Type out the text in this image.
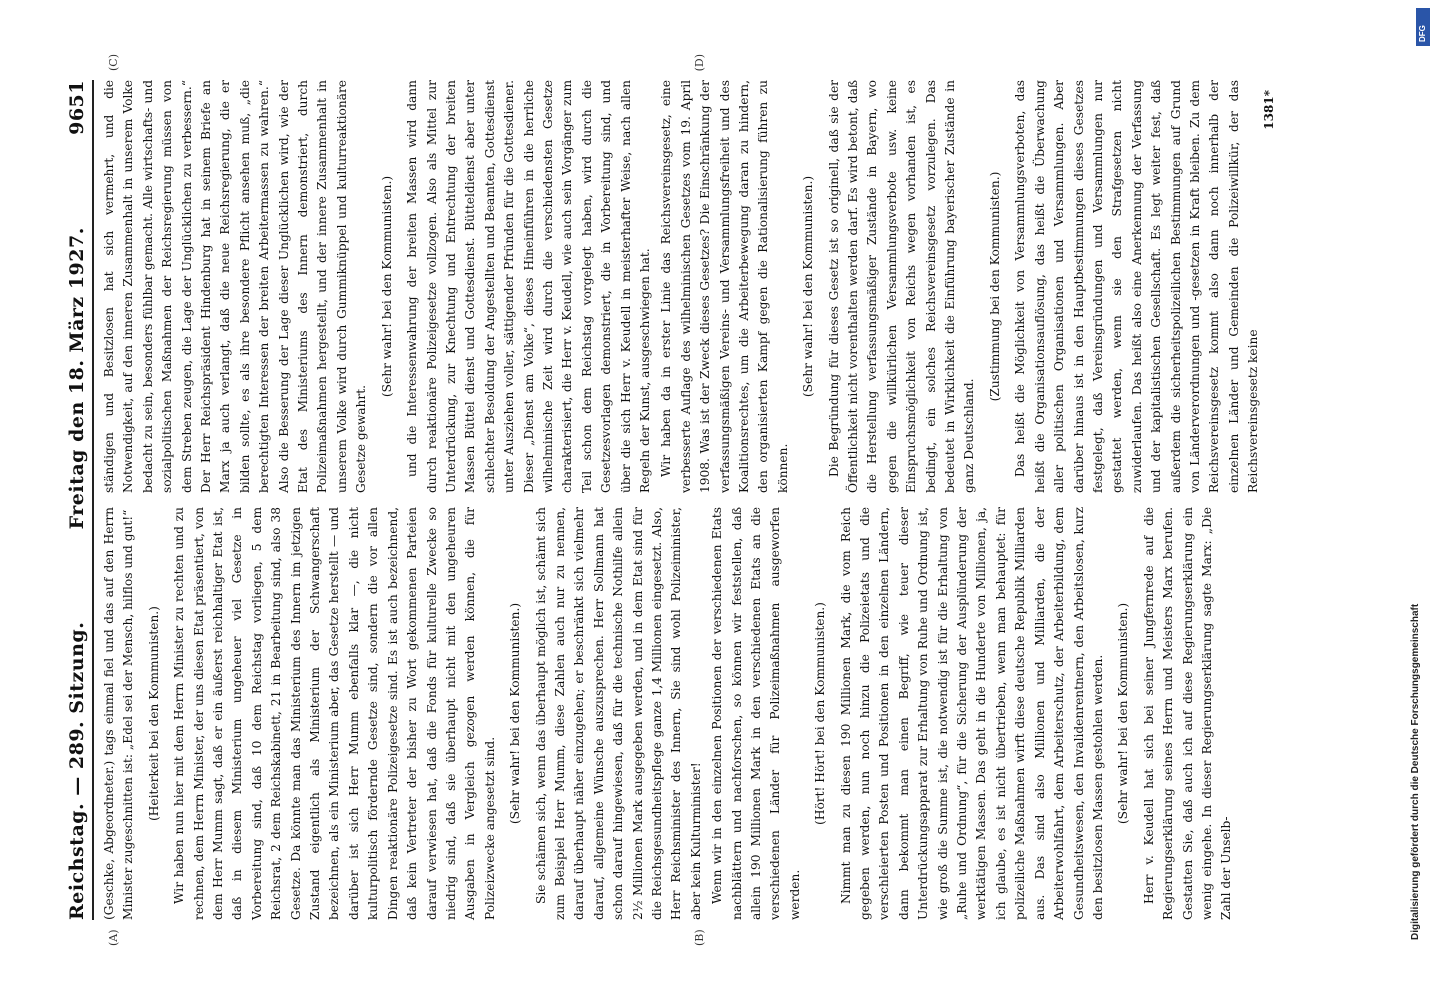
Reichstag. — 289. Sitzung.
Freitag den 18. März 1927.
9651
(A)	(B)

(Geschke, Abgeordneter.) tags einmal fiel und das auf den Herrn Minister zugeschnitten ist: „Edel sei der Mensch, hilflos und gut!“ (Heiterkeit bei den Kommunisten.) Wir haben nun hier mit dem Herrn Minister zu rechten und zu rechnen, dem Herrn Minister, der uns diesen Etat präsentiert, von dem Herr Mumm sagt, daß er ein äußerst reichhaltiger Etat ist, daß in diesem Ministerium ungeheuer viel Gesetze in Vorbereitung sind, daß 10 dem Reichstag vorliegen, 5 dem Reichsrat, 2 dem Reichskabinett, 21 in Bearbeitung sind, also 38 Gesetze. Da könnte man das Ministerium des Innern im jetzigen Zustand eigentlich als Ministerium der Schwangerschaft bezeichnen, als ein Ministerium aber, das Gesetze herstellt — und darüber ist sich Herr Mumm ebenfalls klar —, die nicht kulturpolitisch fördernde Gesetze sind, sondern die vor allen Dingen reaktionäre Polizeigesetze sind. Es ist auch bezeichnend, daß kein Vertreter der bisher zu Wort gekommenen Parteien darauf verwiesen hat, daß die Fonds für kulturelle Zwecke so niedrig sind, daß sie überhaupt nicht mit den ungeheuren Ausgaben in Vergleich gezogen werden können, die für Polizeizwecke angesetzt sind.

(Sehr wahr! bei den Kommunisten.) Sie schämen sich, wenn das überhaupt möglich ist, schämt sich zum Beispiel Herr Mumm, diese Zahlen auch nur zu nennen, darauf überhaupt näher einzugehen; er beschränkt sich vielmehr darauf, allgemeine Wünsche auszusprechen. Herr Sollmann hat schon darauf hingewiesen, daß für die technische Nothilfe allein 2½ Millionen Mark ausgegeben werden, und in dem Etat sind für die Reichsgesundheitspflege ganze 1,4 Millionen eingesetzt. Also, Herr Reichsminister des Innern, Sie sind wohl Polizeiminister, aber kein Kulturminister! Wenn wir in den einzelnen Positionen der verschiedenen Etats nachblättern und nachforschen, so können wir feststellen, daß allein 190 Millionen Mark in den verschiedenen Etats an die verschiedenen Länder für Polizeimaßnahmen ausgeworfen werden.

(Hört! Hört! bei den Kommunisten.) Nimmt man zu diesen 190 Millionen Mark, die vom Reich gegeben werden, nun noch hinzu die Polizeietats und die verschleierten Posten und Positionen in den einzelnen Ländern, dann bekommt man einen Begriff, wie teuer dieser Unterdrückungsapparat zur Erhaltung von Ruhe und Ordnung ist, wie groß die Summe ist, die notwendig ist für die Erhaltung von „Ruhe und Ordnung“, für die Sicherung der Ausplünderung der werktätigen Massen. Das geht in die Hunderte von Millionen, ja, ich glaube, es ist nicht übertrieben, wenn man behauptet: für polizeiliche Maßnahmen wirft diese deutsche Republik Milliarden aus. Das sind also Millionen und Milliarden, die der Arbeiterwohlfahrt, dem Arbeiterschutz, der Arbeiterbildung, dem Gesundheitswesen, den Invalidenrentnern, den Arbeitslosen, kurz den besitzlosen Massen gestohlen werden. (Sehr wahr! bei den Kommunisten.) Herr v. Keudell hat sich bei seiner Jungfernrede auf die Regierungserklärung seines Herrn und Meisters Marx berufen. Gestatten Sie, daß auch ich auf diese Regierungserklärung ein wenig eingehe. In dieser Regierungserklärung sagte Marx: „Die Zahl der Unselb-

(C)	(D)

ständigen und Besitzlosen hat sich vermehrt, und die Notwendigkeit, auf den inneren Zusammenhalt in unserem Volke bedacht zu sein, besonders fühlbar gemacht. Alle wirtschafts- und sozialpolitischen Maßnahmen der Reichsregierung müssen von dem Streben zeugen, die Lage der Unglücklichen zu verbessern.“ Der Herr Reichspräsident Hindenburg hat in seinem Briefe an Marx ja auch verlangt, daß die neue Reichsregierung, die er bilden sollte, es als ihre besondere Pflicht ansehen muß, „die berechtigten Interessen der breiten Arbeitermassen zu wahren.“ Also die Besserung der Lage dieser Unglücklichen wird, wie der Etat des Ministeriums des Innern demonstriert, durch Polizeimaßnahmen hergestellt, und der innere Zusammenhalt in unserem Volke wird durch Gummiknüppel und kulturreaktionäre Gesetze gewahrt.

(Sehr wahr! bei den Kommunisten.) und die Interessenwahrung der breiten Massen wird dann durch reaktionäre Polizeigesetze vollzogen. Also als Mittel zur Unterdrückung, zur Knechtung und Entrechtung der breiten Massen Büttel dienst und Gottesdienst. Bütteldienst aber unter schlechter Besoldung der Angestellten und Beamten, Gottesdienst unter Ausziehen voller, sättigender Pfründen für die Gottesdiener. Dieser „Dienst am Volke“, dieses Hineinführen in die herrliche wilhelminische Zeit wird durch die verschiedensten Gesetze charakterisiert, die Herr v. Keudell, wie auch sein Vorgänger zum Teil schon dem Reichstag vorgelegt haben, wird durch die Gesetzesvorlagen demonstriert, die in Vorbereitung sind, und über die sich Herr v. Keudell in meisterhafter Weise, nach allen Regeln der Kunst, ausgeschwiegen hat. Wir haben da in erster Linie das Reichsvereinsgesetz, eine verbesserte Auflage des wilhelminischen Gesetzes vom 19. April 1908. Was ist der Zweck dieses Gesetzes? Die Einschränkung der verfassungsmäßigen Vereins- und Versammlungsfreiheit und des Koalitionsrechtes, um die Arbeiterbewegung daran zu hindern, den organisierten Kampf gegen die Rationalisierung führen zu können.

(Sehr wahr! bei den Kommunisten.) Die Begründung für dieses Gesetz ist so originell, daß sie der Öffentlichkeit nicht vorenthalten werden darf. Es wird betont, daß die Herstellung verfassungsmäßiger Zustände in Bayern, wo gegen die willkürlichen Versammlungsverbote usw. keine Einspruchsmöglichkeit von Reichs wegen vorhanden ist, es bedingt, ein solches Reichsvereinsgesetz vorzulegen. Das bedeutet in Wirklichkeit die Einführung bayerischer Zustände in ganz Deutschland.

(Zustimmung bei den Kommunisten.) Das heißt die Möglichkeit von Versammlungsverboten, das heißt die Organisationsauflösung, das heißt die Überwachung aller politischen Organisationen und Versammlungen. Aber darüber hinaus ist in den Hauptbestimmungen dieses Gesetzes festgelegt, daß Vereinsgründungen und Versammlungen nur gestattet werden, wenn sie den Strafgesetzen nicht zuwiderlaufen. Das heißt also eine Anerkennung der Verfassung und der kapitalistischen Gesellschaft. Es legt weiter fest, daß außerdem die sicherheitspolizeilichen Bestimmungen auf Grund von Länderverordnungen und -gesetzen in Kraft bleiben. Zu dem Reichsvereinsgesetz kommt also dann noch innerhalb der einzelnen Länder und Gemeinden die Polizeiwillkür, der das Reichsvereinsgesetz keine

1381*
Digitalisierung gefördert durch die Deutsche Forschungsgemeinschaft
DFG
